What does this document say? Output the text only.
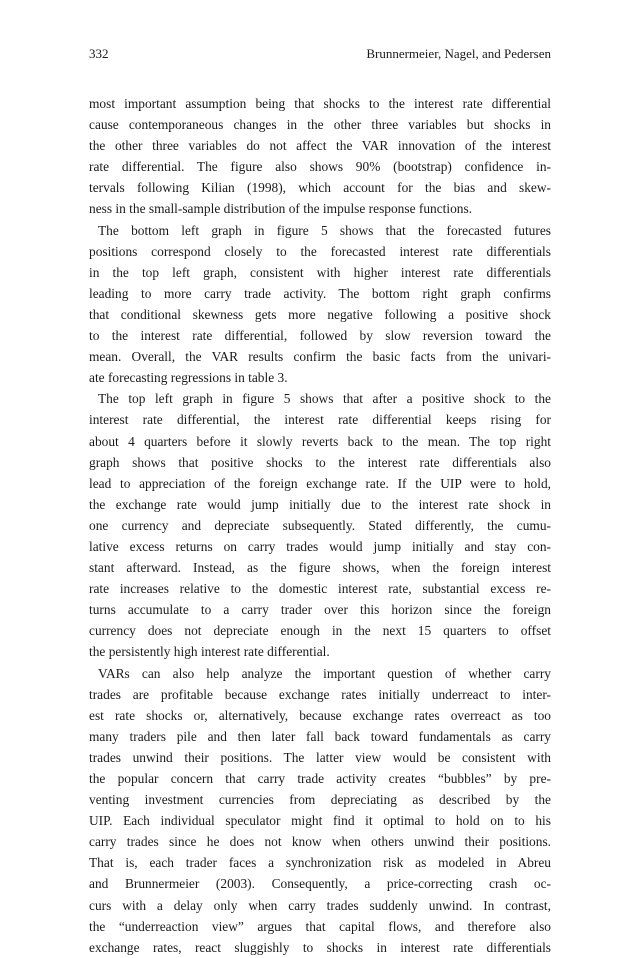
332	Brunnermeier, Nagel, and Pedersen
most important assumption being that shocks to the interest rate differential
cause contemporaneous changes in the other three variables but shocks in
the other three variables do not affect the VAR innovation of the interest
rate differential. The figure also shows 90% (bootstrap) confidence in-
tervals following Kilian (1998), which account for the bias and skew-
ness in the small-sample distribution of the impulse response functions.
The bottom left graph in figure 5 shows that the forecasted futures
positions correspond closely to the forecasted interest rate differentials
in the top left graph, consistent with higher interest rate differentials
leading to more carry trade activity. The bottom right graph confirms
that conditional skewness gets more negative following a positive shock
to the interest rate differential, followed by slow reversion toward the
mean. Overall, the VAR results confirm the basic facts from the univari-
ate forecasting regressions in table 3.
The top left graph in figure 5 shows that after a positive shock to the
interest rate differential, the interest rate differential keeps rising for
about 4 quarters before it slowly reverts back to the mean. The top right
graph shows that positive shocks to the interest rate differentials also
lead to appreciation of the foreign exchange rate. If the UIP were to hold,
the exchange rate would jump initially due to the interest rate shock in
one currency and depreciate subsequently. Stated differently, the cumu-
lative excess returns on carry trades would jump initially and stay con-
stant afterward. Instead, as the figure shows, when the foreign interest
rate increases relative to the domestic interest rate, substantial excess re-
turns accumulate to a carry trader over this horizon since the foreign
currency does not depreciate enough in the next 15 quarters to offset
the persistently high interest rate differential.
VARs can also help analyze the important question of whether carry
trades are profitable because exchange rates initially underreact to inter-
est rate shocks or, alternatively, because exchange rates overreact as too
many traders pile and then later fall back toward fundamentals as carry
trades unwind their positions. The latter view would be consistent with
the popular concern that carry trade activity creates “bubbles” by pre-
venting investment currencies from depreciating as described by the
UIP. Each individual speculator might find it optimal to hold on to his
carry trades since he does not know when others unwind their positions.
That is, each trader faces a synchronization risk as modeled in Abreu
and Brunnermeier (2003). Consequently, a price-correcting crash oc-
curs with a delay only when carry trades suddenly unwind. In contrast,
the “underreaction view” argues that capital flows, and therefore also
exchange rates, react sluggishly to shocks in interest rate differentials
